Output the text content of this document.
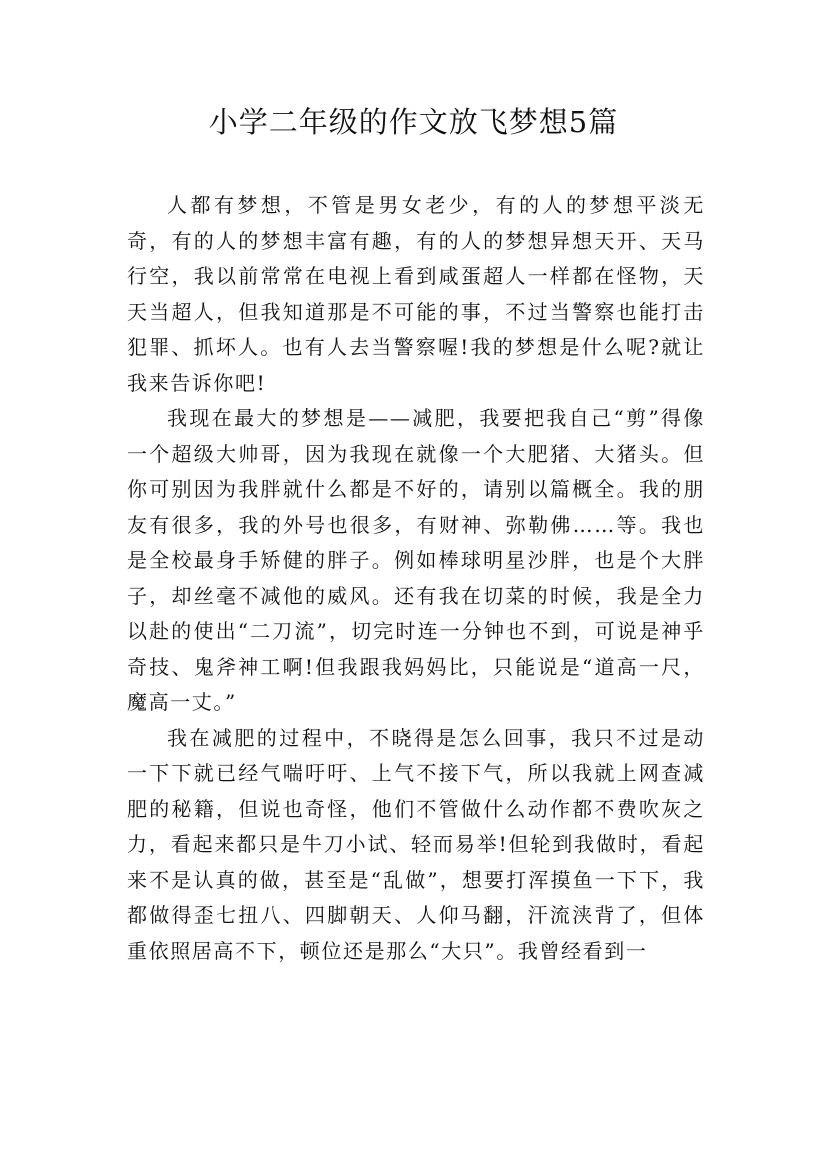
小学二年级的作文放飞梦想5篇

人都有梦想，不管是男女老少，有的人的梦想平淡无奇，有的人的梦想丰富有趣，有的人的梦想异想天开、天马行空，我以前常常在电视上看到咸蛋超人一样都在怪物，天天当超人，但我知道那是不可能的事，不过当警察也能打击犯罪、抓坏人。也有人去当警察喔!我的梦想是什么呢?就让我来告诉你吧!

我现在最大的梦想是——减肥，我要把我自己“剪”得像一个超级大帅哥，因为我现在就像一个大肥猪、大猪头。但你可别因为我胖就什么都是不好的，请别以篇概全。我的朋友有很多，我的外号也很多，有财神、弥勒佛……等。我也是全校最身手矫健的胖子。例如棒球明星沙胖，也是个大胖子，却丝毫不减他的威风。还有我在切菜的时候，我是全力以赴的使出“二刀流”，切完时连一分钟也不到，可说是神乎奇技、鬼斧神工啊!但我跟我妈妈比，只能说是“道高一尺，魔高一丈。”

我在减肥的过程中，不晓得是怎么回事，我只不过是动一下下就已经气喘吁吁、上气不接下气，所以我就上网查减肥的秘籍，但说也奇怪，他们不管做什么动作都不费吹灰之力，看起来都只是牛刀小试、轻而易举!但轮到我做时，看起来不是认真的做，甚至是“乱做”，想要打浑摸鱼一下下，我都做得歪七扭八、四脚朝天、人仰马翻，汗流浃背了，但体重依照居高不下，顿位还是那么“大只”。我曾经看到一
